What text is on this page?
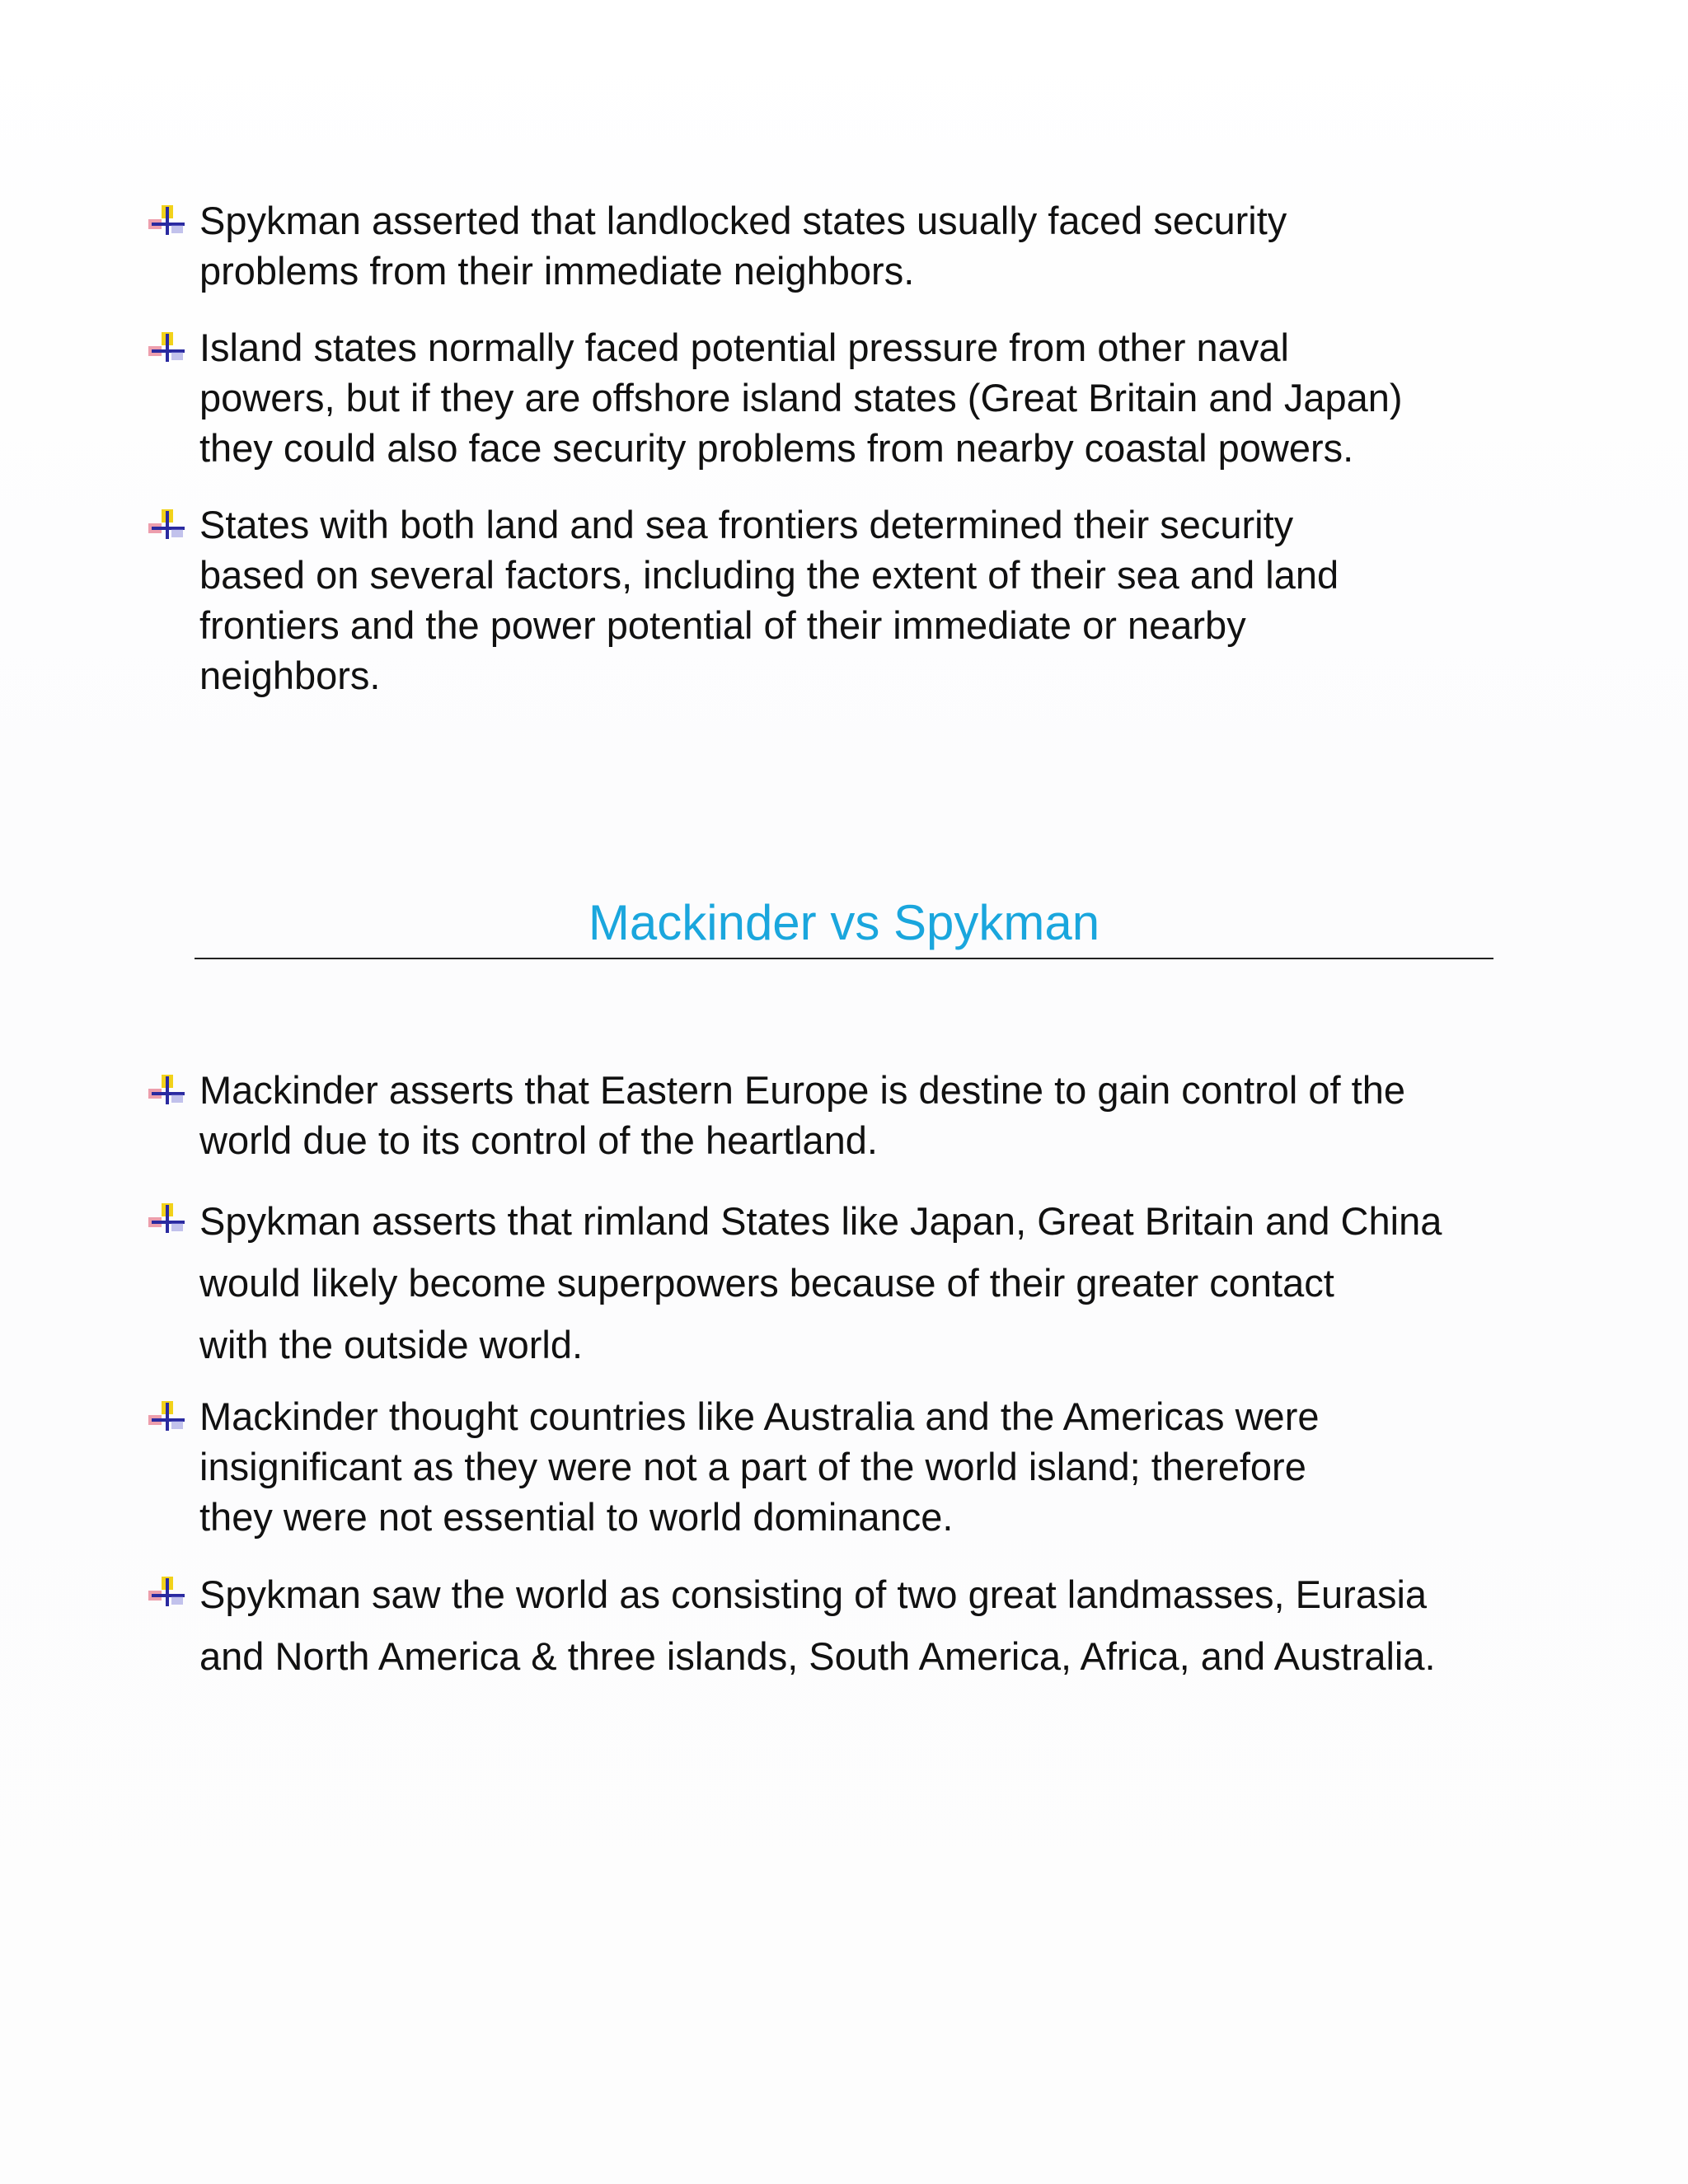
Spykman asserted that landlocked states usually faced security
problems from their immediate neighbors.
Island states normally faced potential pressure from other naval
powers, but if they are offshore island states (Great Britain and Japan)
they could also face security problems from nearby coastal powers.
States with both land and sea frontiers determined their security
based on several factors, including the extent of their sea and land
frontiers and the power potential of their immediate or nearby
neighbors.
Mackinder vs Spykman
Mackinder asserts that Eastern Europe is destine to gain control of the
world due to its control of the heartland.
Spykman asserts that rimland States like Japan, Great Britain and China
would likely become superpowers because of their greater contact
with the outside world.
Mackinder thought countries like Australia and the Americas were
insignificant as they were not a part of the world island; therefore
they were not essential to world dominance.
Spykman saw the world as consisting of two great landmasses, Eurasia
and North America & three islands, South America, Africa, and Australia.
